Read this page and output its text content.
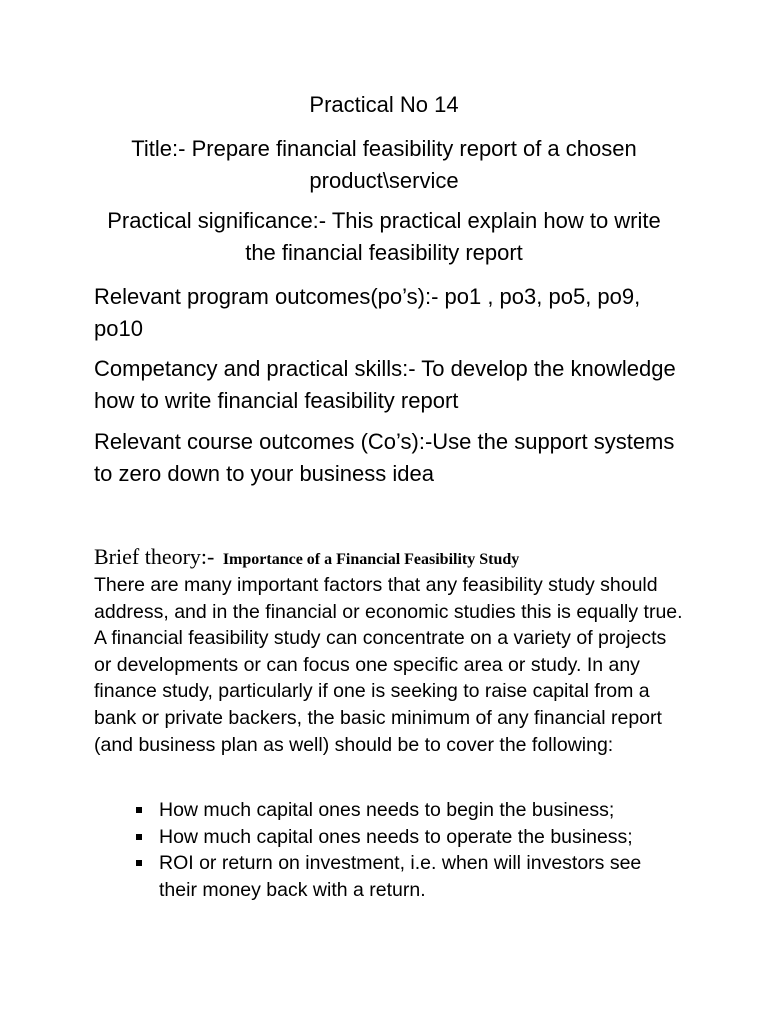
Practical No 14
Title:- Prepare financial feasibility report of a chosen product\service
Practical significance:- This practical explain how to write the financial feasibility report
Relevant program outcomes(po’s):- po1 , po3, po5, po9, po10
Competancy and practical skills:- To develop the knowledge how to write financial feasibility report
Relevant course outcomes (Co’s):-Use the support systems to zero down to your business idea
Brief theory:- Importance of a Financial Feasibility Study
There are many important factors that any feasibility study should address, and in the financial or economic studies this is equally true. A financial feasibility study can concentrate on a variety of projects or developments or can focus one specific area or study. In any finance study, particularly if one is seeking to raise capital from a bank or private backers, the basic minimum of any financial report (and business plan as well) should be to cover the following:
How much capital ones needs to begin the business;
How much capital ones needs to operate the business;
ROI or return on investment, i.e. when will investors see their money back with a return.
